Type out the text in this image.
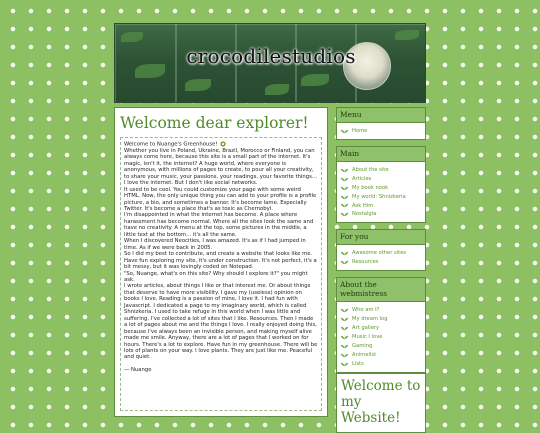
crocodilestudios
Welcome dear explorer!

Welcome to Nuange's Greenhouse!

Whether you live in Poland, Ukraine, Brazil, Morocco or Finland, you can always come here, because this site is a small part of the internet. It's magic, isn't it, the internet? A huge world, where everyone is anonymous, with millions of pages to create, to pour all your creativity, to share your music, your passions, your readings, your favorite things...

I love the internet. But I don't like social networks.

It used to be cool. You could customize your page with some weird HTML. Now, the only unique thing you can add to your profile is a profile picture, a bio, and sometimes a banner. It's become lame. Especially Twitter. It's become a place that's as toxic as Chernobyl.

I'm disappointed in what the internet has become. A place where harassment has become normal. Where all the sites look the same and have no creativity. A menu at the top, some pictures in the middle, a little text at the bottom... it's all the same.

When I discovered Neocities, I was amazed. It's as if I had jumped in time. As if we were back in 2005.

So I did my best to contribute, and create a website that looks like me. Have fun exploring my site, it's under construction. It's not perfect, it's a bit messy, but it was lovingly coded on Notepad.

"So, Nuange, what's on this site? Why should I explore it?" you might ask.

I wrote articles, about things I like or that interest me. Or about things that deserve to have more visibility. I gave my (useless) opinion on books I love. Reading is a passion of mine, I love it. I had fun with Javascript. I dedicated a page to my imaginary world, which is called Shnizkeria. I used to take refuge in this world when I was little and suffering. I've collected a lot of sites that I like. Resources. Then I made a lot of pages about me and the things I love. I really enjoyed doing this, because I've always been an invisible person, and making myself alive made me smile. Anyway, there are a lot of pages that I worked on for hours. There's a lot to explore. Have fun in my greenhouse. There will be lots of plants on your way. I love plants. They are just like me. Peaceful and quiet.

— Nuange

Menu
Home
Main
About the site
Articles
My book nook
My world: Shnizkeria
Ask Him
Nostalgia
For you
Awesome other sites
Resources
About the webmistress
Who am I?
My dream log
Art gallery
Music I love
Gaming
Animelist
Lists
Welcome to my Website!
